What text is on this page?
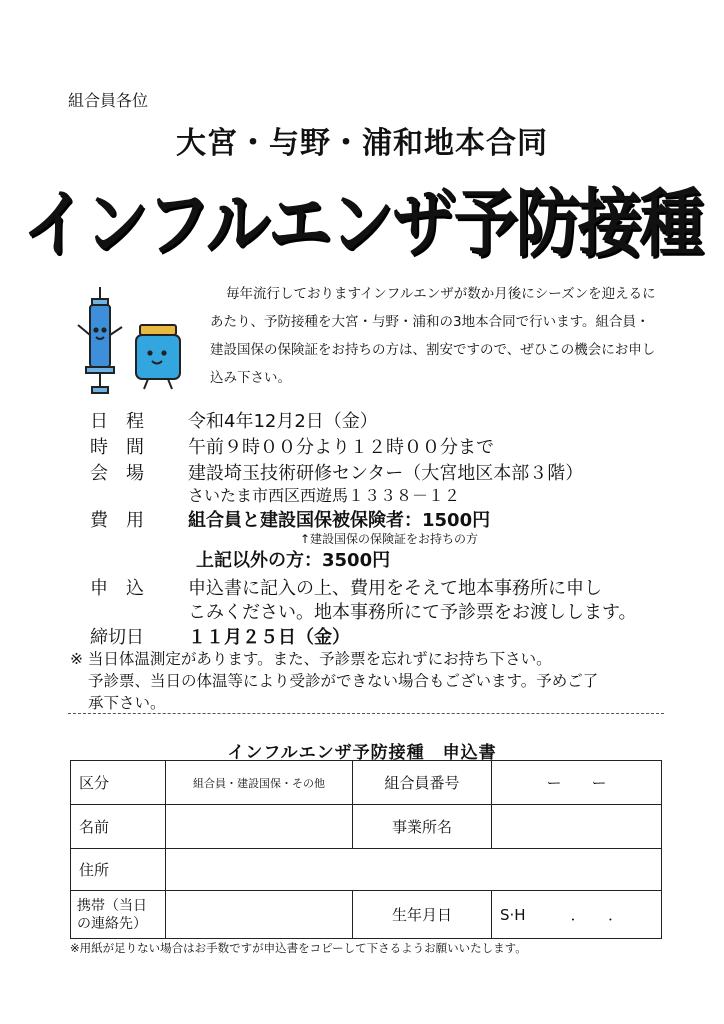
組合員各位
大宮・与野・浦和地本合同
インフルエンザ予防接種
毎年流行しておりますインフルエンザが数か月後にシーズンを迎えるにあたり、予防接種を大宮・与野・浦和の3地本合同で行います。組合員・建設国保の保険証をお持ちの方は、割安ですので、ぜひこの機会にお申し込み下さい。
日　程 令和4年12月2日（金）
時　間 午前９時００分より１２時００分まで
会　場 建設埼玉技術研修センター（大宮地区本部３階）
さいたま市西区西遊馬１３３８－１２
費　用 組合員と建設国保被保険者：1500円
↑建設国保の保険証をお持ちの方
上記以外の方：3500円
申　込 申込書に記入の上、費用をそえて地本事務所に申し
こみください。地本事務所にて予診票をお渡しします。
締切日 １１月２５日（金）
※ 当日体温測定があります。また、予診票を忘れずにお持ち下さい。
予診票、当日の体温等により受診ができない場合もございます。予めご了
承下さい。
インフルエンザ予防接種　申込書
区分	組合員・建設国保・その他	組合員番号	ー　　ー
名前		事業所名	
住所			
携帯（当日の連絡先）		生年月日	S·H　　　．　　．
※用紙が足りない場合はお手数ですが申込書をコピーして下さるようお願いいたします。
